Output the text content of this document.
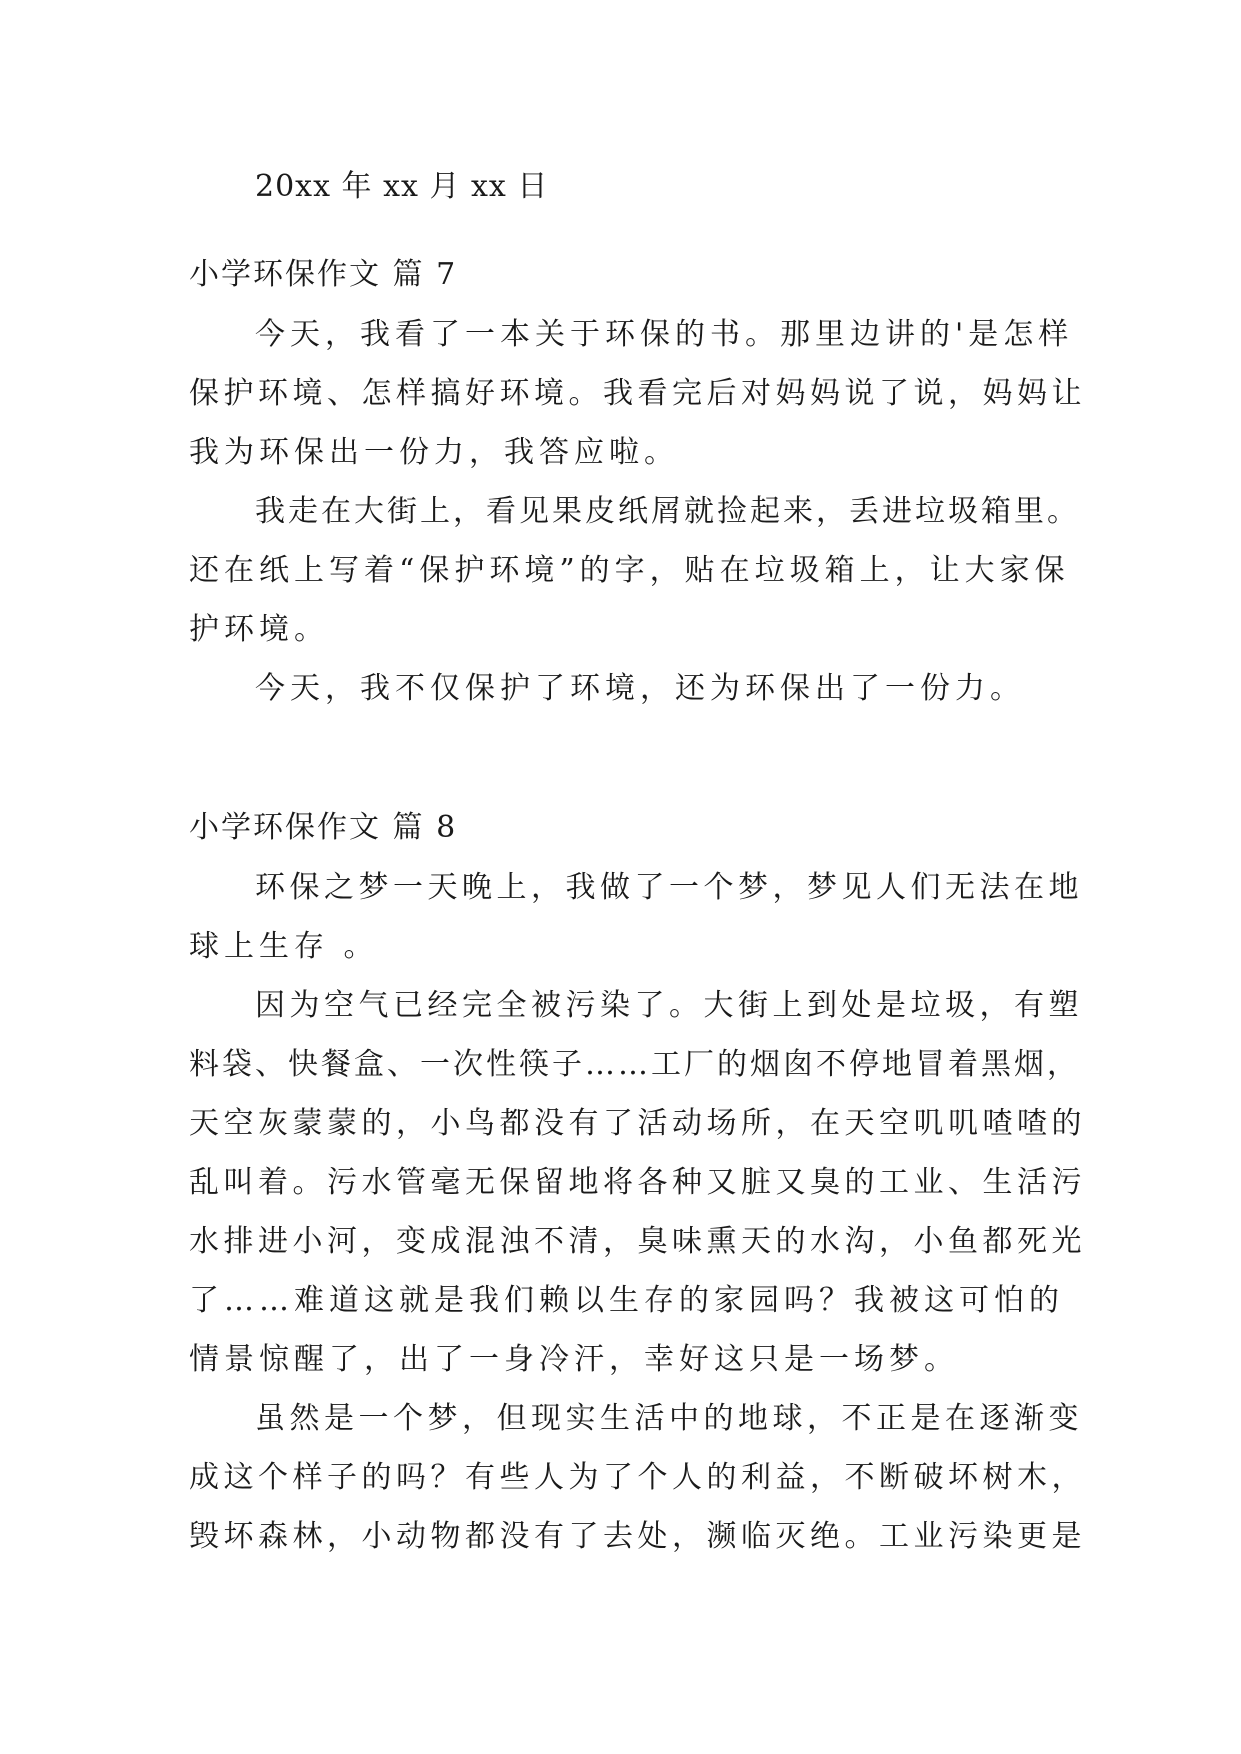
20xx 年 xx 月 xx 日
小学环保作文 篇 7
今天，我看了一本关于环保的书。那里边讲的'是怎样
保护环境、怎样搞好环境。我看完后对妈妈说了说，妈妈让
我为环保出一份力，我答应啦。
我走在大街上，看见果皮纸屑就捡起来，丢进垃圾箱里。
还在纸上写着“保护环境”的字，贴在垃圾箱上，让大家保
护环境。
今天，我不仅保护了环境，还为环保出了一份力。
小学环保作文 篇 8
环保之梦一天晚上，我做了一个梦，梦见人们无法在地
球上生存 。
因为空气已经完全被污染了。大街上到处是垃圾，有塑
料袋、快餐盒、一次性筷子……工厂的烟囱不停地冒着黑烟，
天空灰蒙蒙的，小鸟都没有了活动场所，在天空叽叽喳喳的
乱叫着。污水管毫无保留地将各种又脏又臭的工业、生活污
水排进小河，变成混浊不清，臭味熏天的水沟，小鱼都死光
了……难道这就是我们赖以生存的家园吗？我被这可怕的
情景惊醒了，出了一身冷汗，幸好这只是一场梦。
虽然是一个梦，但现实生活中的地球，不正是在逐渐变
成这个样子的吗？有些人为了个人的利益，不断破坏树木，
毁坏森林，小动物都没有了去处，濒临灭绝。工业污染更是
